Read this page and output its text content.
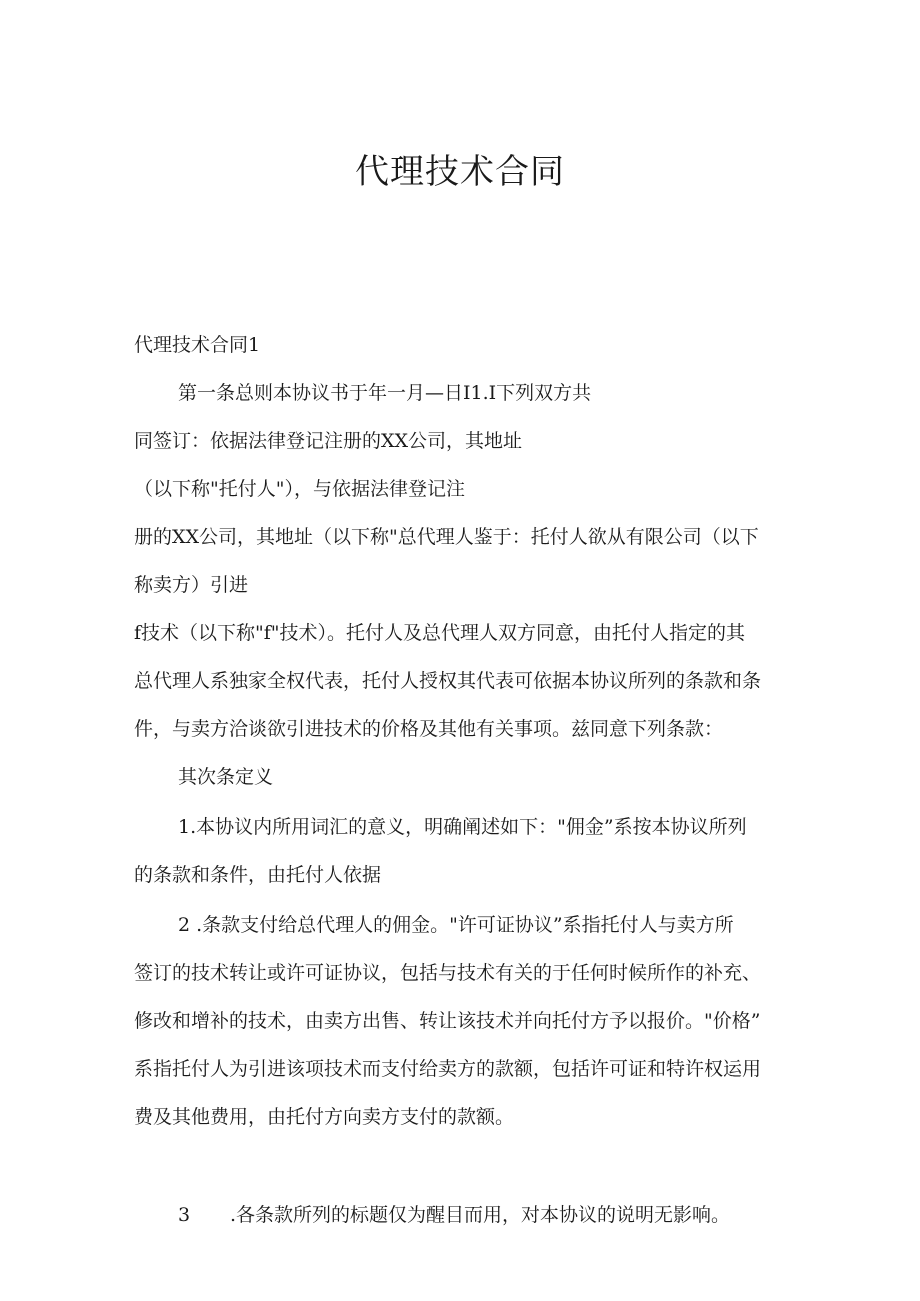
代理技术合同
代理技术合同1
第一条总则本协议书于年一月—日I1.I下列双方共
同签订：依据法律登记注册的XX公司，其地址
（以下称"托付人"），与依据法律登记注
册的XX公司，其地址（以下称"总代理人鉴于：托付人欲从有限公司（以下
称卖方）引进
f技术（以下称"f"技术）。托付人及总代理人双方同意，由托付人指定的其
总代理人系独家全权代表，托付人授权其代表可依据本协议所列的条款和条
件，与卖方洽谈欲引进技术的价格及其他有关事项。兹同意下列条款：
其次条定义
1.本协议内所用词汇的意义，明确阐述如下："佣金”系按本协议所列
的条款和条件，由托付人依据
2 .条款支付给总代理人的佣金。"许可证协议”系指托付人与卖方所
签订的技术转让或许可证协议，包括与技术有关的于任何时候所作的补充、
修改和增补的技术，由卖方出售、转让该技术并向托付方予以报价。"价格”
系指托付人为引进该项技术而支付给卖方的款额，包括许可证和特许权运用
费及其他费用，由托付方向卖方支付的款额。
3 .各条款所列的标题仅为醒目而用，对本协议的说明无影响。
